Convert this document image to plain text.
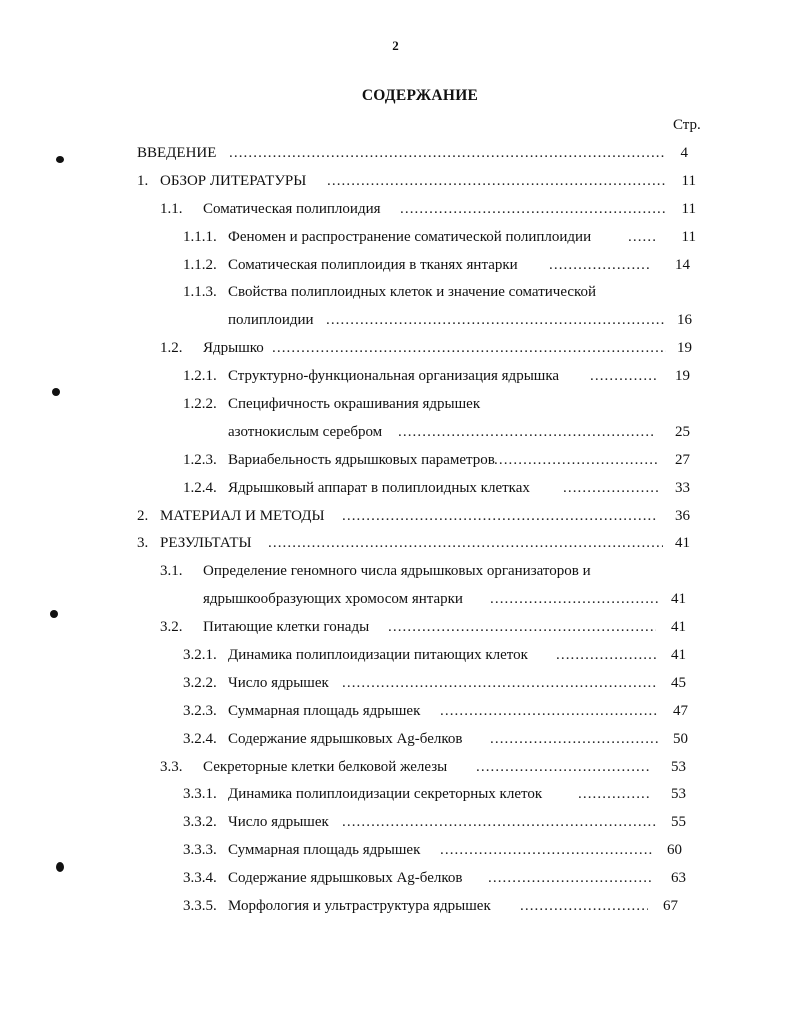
2
СОДЕРЖАНИЕ
Стр.
ВВЕДЕНИЕ .....	4
1. ОБЗОР ЛИТЕРАТУРЫ .....	11
1.1. Соматическая полиплоидия .....	11
1.1.1. Феномен и распространение соматической полиплоидии .....	11
1.1.2. Соматическая полиплоидия в тканях янтарки .....	14
1.1.3. Свойства полиплоидных клеток и значение соматической
полиплоидии .....	16
1.2. Ядрышко .....	19
1.2.1. Структурно-функциональная организация ядрышка .....	19
1.2.2. Специфичность окрашивания ядрышек
азотнокислым серебром .....	25
1.2.3. Вариабельность ядрышковых параметров .....	27
1.2.4. Ядрышковый аппарат в полиплоидных клетках .....	33
2. МАТЕРИАЛ И МЕТОДЫ .....	36
3. РЕЗУЛЬТАТЫ .....	41
3.1. Определение геномного числа ядрышковых организаторов и
ядрышкообразующих хромосом янтарки .....	41
3.2. Питающие клетки гонады .....	41
3.2.1. Динамика полиплоидизации питающих клеток .....	41
3.2.2. Число ядрышек .....	45
3.2.3. Суммарная площадь ядрышек .....	47
3.2.4. Содержание ядрышковых Ag-белков .....	50
3.3. Секреторные клетки белковой железы .....	53
3.3.1. Динамика полиплоидизации секреторных клеток .....	53
3.3.2. Число ядрышек .....	55
3.3.3. Суммарная площадь ядрышек .....	60
3.3.4. Содержание ядрышковых Ag-белков .....	63
3.3.5. Морфология и ультраструктура ядрышек .....	67
